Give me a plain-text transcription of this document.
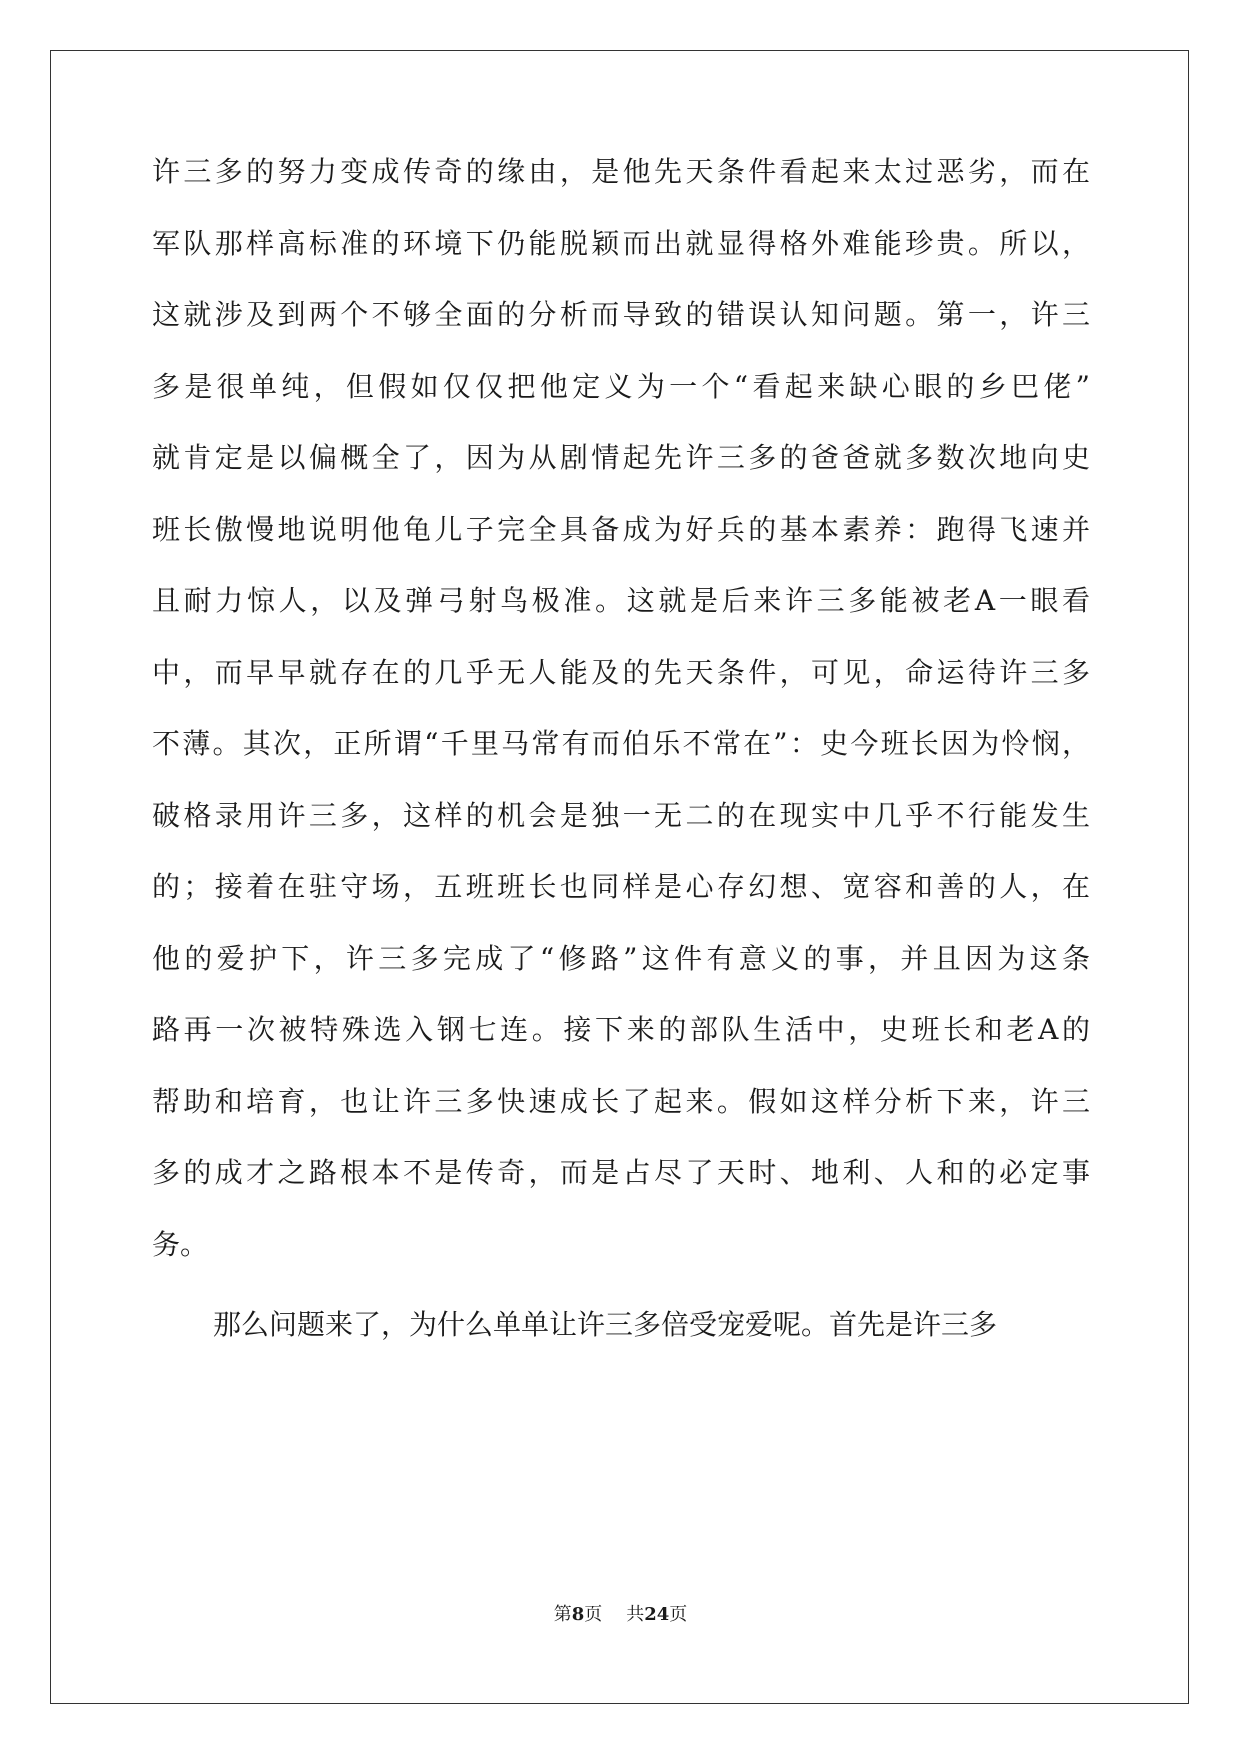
许三多的努力变成传奇的缘由，是他先天条件看起来太过恶劣，而在
军队那样高标准的环境下仍能脱颖而出就显得格外难能珍贵。所以，
这就涉及到两个不够全面的分析而导致的错误认知问题。第一，许三
多是很单纯，但假如仅仅把他定义为一个“看起来缺心眼的乡巴佬”
就肯定是以偏概全了，因为从剧情起先许三多的爸爸就多数次地向史
班长傲慢地说明他龟儿子完全具备成为好兵的基本素养：跑得飞速并
且耐力惊人，以及弹弓射鸟极准。这就是后来许三多能被老A一眼看
中，而早早就存在的几乎无人能及的先天条件，可见，命运待许三多
不薄。其次，正所谓“千里马常有而伯乐不常在”：史今班长因为怜悯，
破格录用许三多，这样的机会是独一无二的在现实中几乎不行能发生
的；接着在驻守场，五班班长也同样是心存幻想、宽容和善的人，在
他的爱护下，许三多完成了“修路”这件有意义的事，并且因为这条
路再一次被特殊选入钢七连。接下来的部队生活中，史班长和老A的
帮助和培育，也让许三多快速成长了起来。假如这样分析下来，许三
多的成才之路根本不是传奇，而是占尽了天时、地利、人和的必定事
务。
那么问题来了，为什么单单让许三多倍受宠爱呢。首先是许三多
第8页 共24页
